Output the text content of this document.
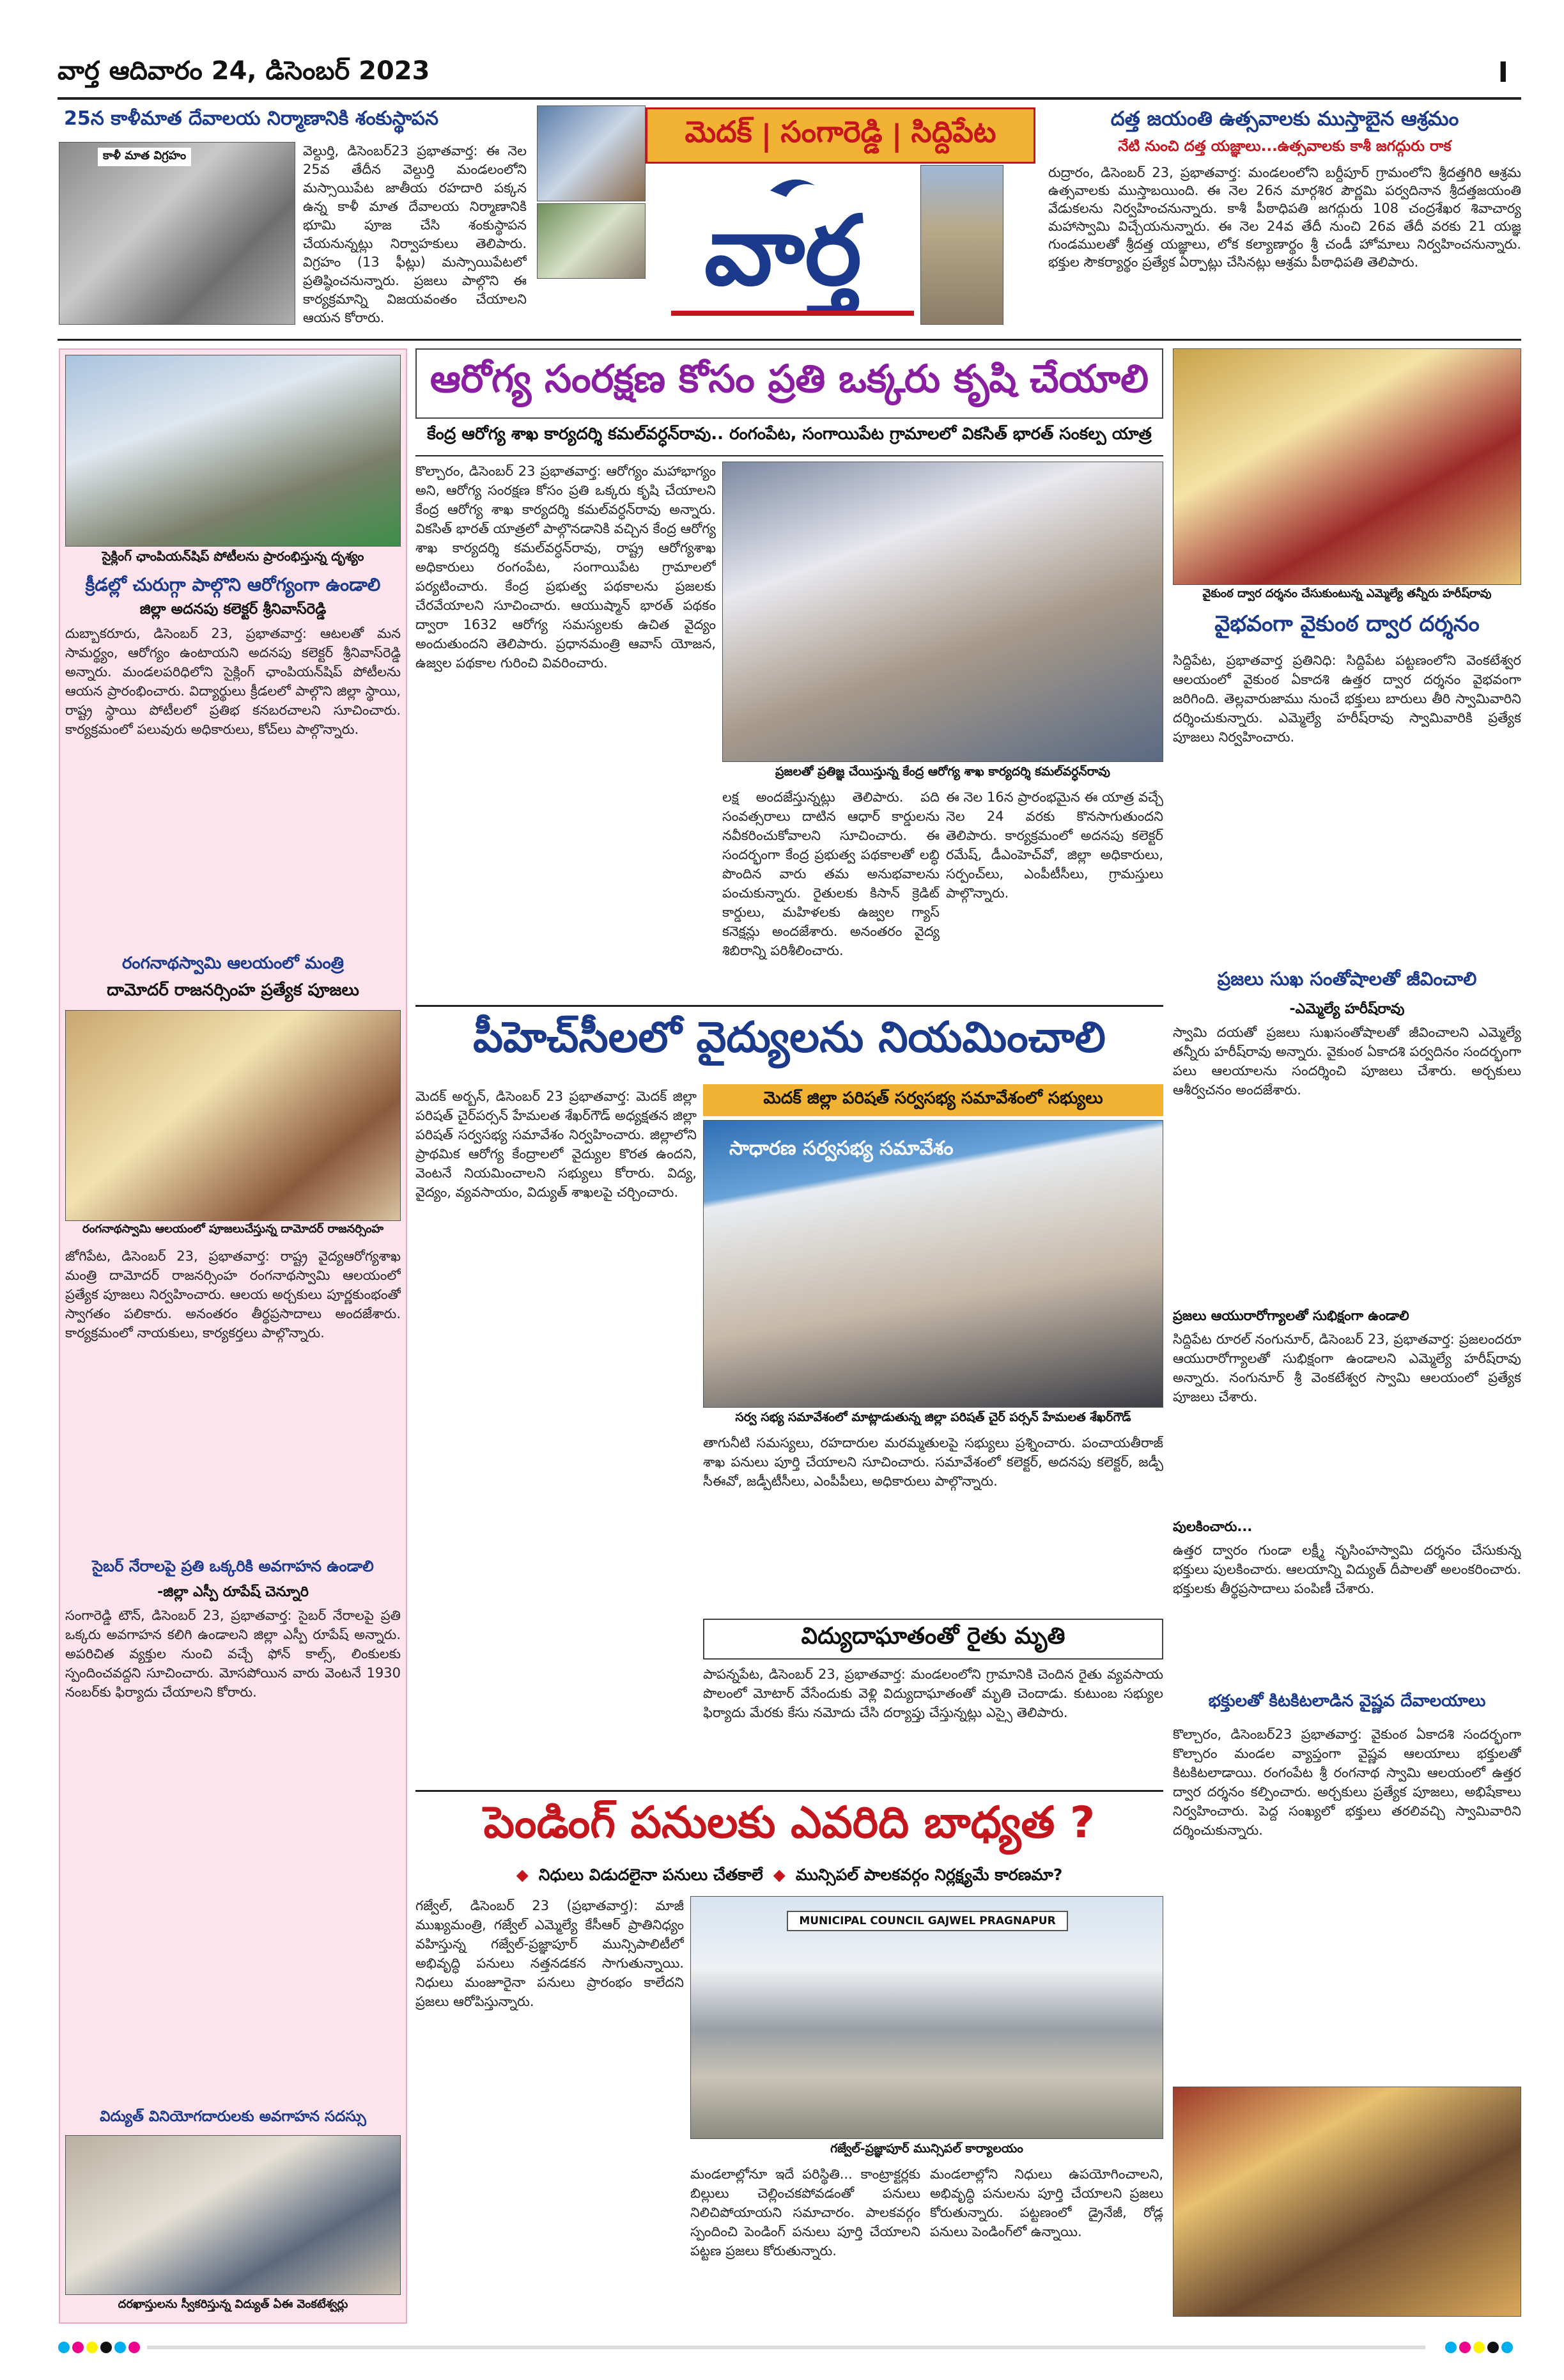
వార్త ఆదివారం 24, డిసెంబర్ 2023	I
25న కాళీమాత దేవాలయ నిర్మాణానికి శంకుస్థాపన
కాళీ మాత విగ్రహం	వెల్దుర్తి, డిసెంబర్23 ప్రభాతవార్త: ఈ నెల 25వ తేదీన వెల్దుర్తి మండలంలోని మస్సాయిపేట జాతీయ రహదారి పక్కన ఉన్న కాళీ మాత దేవాలయ నిర్మాణానికి భూమి పూజ చేసి శంకుస్థాపన చేయనున్నట్లు నిర్వాహకులు తెలిపారు. విగ్రహం (13 ఫీట్లు) మస్సాయిపేటలో ప్రతిష్ఠించనున్నారు. ప్రజలు పాల్గొని ఈ కార్యక్రమాన్ని విజయవంతం చేయాలని ఆయన కోరారు.
మెదక్ | సంగారెడ్డి | సిద్దిపేట
వార్త
దత్త జయంతి ఉత్సవాలకు ముస్తాబైన ఆశ్రమం
నేటి నుంచి దత్త యజ్ఞాలు...ఉత్సవాలకు కాశీ జగద్గురు రాక
రుద్రారం, డిసెంబర్ 23, ప్రభాతవార్త: మండలంలోని బర్దీపూర్ గ్రామంలోని శ్రీదత్తగిరి ఆశ్రమ ఉత్సవాలకు ముస్తాబయింది. ఈ నెల 26న మార్గశిర పౌర్ణమి పర్వదినాన శ్రీదత్తజయంతి వేడుకలను నిర్వహించనున్నారు. కాశీ పీఠాధిపతి జగద్గురు 108 చంద్రశేఖర శివాచార్య మహాస్వామి విచ్చేయనున్నారు. ఈ నెల 24వ తేదీ నుంచి 26వ తేదీ వరకు 21 యజ్ఞ గుండములతో శ్రీదత్త యజ్ఞాలు, లోక కల్యాణార్థం శ్రీ చండీ హోమాలు నిర్వహించనున్నారు. భక్తుల సౌకర్యార్థం ప్రత్యేక ఏర్పాట్లు చేసినట్లు ఆశ్రమ పీఠాధిపతి తెలిపారు.
సైక్లింగ్ ఛాంపియన్‌షిప్ పోటీలను ప్రారంభిస్తున్న దృశ్యం
క్రీడల్లో చురుగ్గా పాల్గొని ఆరోగ్యంగా ఉండాలి
జిల్లా అదనపు కలెక్టర్ శ్రీనివాస్‌రెడ్డి
దుబ్బాకరూరు, డిసెంబర్ 23, ప్రభాతవార్త: ఆటలతో మన సామర్థ్యం, ఆరోగ్యం ఉంటాయని అదనపు కలెక్టర్ శ్రీనివాస్‌రెడ్డి అన్నారు. మండలపరిధిలోని సైక్లింగ్ ఛాంపియన్‌షిప్ పోటీలను ఆయన ప్రారంభించారు. విద్యార్థులు క్రీడలలో పాల్గొని జిల్లా స్థాయి, రాష్ట్ర స్థాయి పోటీలలో ప్రతిభ కనబరచాలని సూచించారు. కార్యక్రమంలో పలువురు అధికారులు, కోచ్‌లు పాల్గొన్నారు.
రంగనాథస్వామి ఆలయంలో మంత్రి
దామోదర్ రాజనర్సింహ ప్రత్యేక పూజలు
రంగనాథస్వామి ఆలయంలో పూజలుచేస్తున్న దామోదర్ రాజనర్సింహ
జోగిపేట, డిసెంబర్ 23, ప్రభాతవార్త: రాష్ట్ర వైద్యఆరోగ్యశాఖ మంత్రి దామోదర్ రాజనర్సింహ రంగనాథస్వామి ఆలయంలో ప్రత్యేక పూజలు నిర్వహించారు. ఆలయ అర్చకులు పూర్ణకుంభంతో స్వాగతం పలికారు. అనంతరం తీర్థప్రసాదాలు అందజేశారు. కార్యక్రమంలో నాయకులు, కార్యకర్తలు పాల్గొన్నారు.
సైబర్ నేరాలపై ప్రతి ఒక్కరికి అవగాహన ఉండాలి
-జిల్లా ఎస్పీ రూపేష్ చెన్నూరి
సంగారెడ్డి టౌన్, డిసెంబర్ 23, ప్రభాతవార్త: సైబర్ నేరాలపై ప్రతి ఒక్కరు అవగాహన కలిగి ఉండాలని జిల్లా ఎస్పీ రూపేష్ అన్నారు. అపరిచిత వ్యక్తుల నుంచి వచ్చే ఫోన్ కాల్స్, లింకులకు స్పందించవద్దని సూచించారు. మోసపోయిన వారు వెంటనే 1930 నంబర్‌కు ఫిర్యాదు చేయాలని కోరారు.
విద్యుత్ వినియోగదారులకు అవగాహన సదస్సు
దరఖాస్తులను స్వీకరిస్తున్న విద్యుత్ ఏఈ వెంకటేశ్వర్లు
ఆరోగ్య సంరక్షణ కోసం ప్రతి ఒక్కరు కృషి చేయాలి
కేంద్ర ఆరోగ్య శాఖ కార్యదర్శి కమల్‌వర్ధన్‌రావు.. రంగంపేట, సంగాయిపేట గ్రామాలలో వికసిత్ భారత్ సంకల్ప యాత్ర
కొల్చారం, డిసెంబర్ 23 ప్రభాతవార్త: ఆరోగ్యం మహాభాగ్యం అని, ఆరోగ్య సంరక్షణ కోసం ప్రతి ఒక్కరు కృషి చేయాలని కేంద్ర ఆరోగ్య శాఖ కార్యదర్శి కమల్‌వర్ధన్‌రావు అన్నారు. వికసిత్ భారత్ యాత్రలో పాల్గొనడానికి వచ్చిన కేంద్ర ఆరోగ్య శాఖ కార్యదర్శి కమల్‌వర్ధన్‌రావు, రాష్ట్ర ఆరోగ్యశాఖ అధికారులు రంగంపేట, సంగాయిపేట గ్రామాలలో పర్యటించారు. కేంద్ర ప్రభుత్వ పథకాలను ప్రజలకు చేరవేయాలని సూచించారు. ఆయుష్మాన్ భారత్ పథకం ద్వారా 1632 ఆరోగ్య సమస్యలకు ఉచిత వైద్యం అందుతుందని తెలిపారు. ప్రధానమంత్రి ఆవాస్ యోజన, ఉజ్వల పథకాల గురించి వివరించారు.
ప్రజలతో ప్రతిజ్ఞ చేయిస్తున్న కేంద్ర ఆరోగ్య శాఖ కార్యదర్శి కమల్‌వర్ధన్‌రావు
లక్ష అందజేస్తున్నట్లు తెలిపారు. పది సంవత్సరాలు దాటిన ఆధార్ కార్డులను నవీకరించుకోవాలని సూచించారు. ఈ సందర్భంగా కేంద్ర ప్రభుత్వ పథకాలతో లబ్ధి పొందిన వారు తమ అనుభవాలను పంచుకున్నారు. రైతులకు కిసాన్ క్రెడిట్ కార్డులు, మహిళలకు ఉజ్వల గ్యాస్ కనెక్షన్లు అందజేశారు. అనంతరం వైద్య శిబిరాన్ని పరిశీలించారు.
ఈ నెల 16న ప్రారంభమైన ఈ యాత్ర వచ్చే నెల 24 వరకు కొనసాగుతుందని తెలిపారు. కార్యక్రమంలో అదనపు కలెక్టర్ రమేష్, డీఎంహెచ్‌వో, జిల్లా అధికారులు, సర్పంచ్‌లు, ఎంపీటీసీలు, గ్రామస్తులు పాల్గొన్నారు.
పీహెచ్‌సీలలో వైద్యులను నియమించాలి
మెదక్ జిల్లా పరిషత్ సర్వసభ్య సమావేశంలో సభ్యులు
మెదక్ అర్బన్, డిసెంబర్ 23 ప్రభాతవార్త: మెదక్ జిల్లా పరిషత్ చైర్‌పర్సన్ హేమలత శేఖర్‌గౌడ్ అధ్యక్షతన జిల్లా పరిషత్ సర్వసభ్య సమావేశం నిర్వహించారు. జిల్లాలోని ప్రాథమిక ఆరోగ్య కేంద్రాలలో వైద్యుల కొరత ఉందని, వెంటనే నియమించాలని సభ్యులు కోరారు. విద్య, వైద్యం, వ్యవసాయం, విద్యుత్ శాఖలపై చర్చించారు.
సాధారణ సర్వసభ్య సమావేశం
సర్వ సభ్య సమావేశంలో మాట్లాడుతున్న జిల్లా పరిషత్ చైర్ పర్సన్ హేమలత శేఖర్‌గౌడ్
తాగునీటి సమస్యలు, రహదారుల మరమ్మతులపై సభ్యులు ప్రశ్నించారు. పంచాయతీరాజ్ శాఖ పనులు పూర్తి చేయాలని సూచించారు. సమావేశంలో కలెక్టర్, అదనపు కలెక్టర్, జడ్పీ సీఈవో, జడ్పీటీసీలు, ఎంపీపీలు, అధికారులు పాల్గొన్నారు.
విద్యుదాఘాతంతో రైతు మృతి
పాపన్నపేట, డిసెంబర్ 23, ప్రభాతవార్త: మండలంలోని గ్రామానికి చెందిన రైతు వ్యవసాయ పొలంలో మోటార్ వేసేందుకు వెళ్లి విద్యుదాఘాతంతో మృతి చెందాడు. కుటుంబ సభ్యుల ఫిర్యాదు మేరకు కేసు నమోదు చేసి దర్యాప్తు చేస్తున్నట్లు ఎస్సై తెలిపారు.
పెండింగ్ పనులకు ఎవరిది బాధ్యత ?
◆ నిధులు విడుదలైనా పనులు చేతకాలే ◆ మున్సిపల్ పాలకవర్గం నిర్లక్ష్యమే కారణమా?
గజ్వేల్, డిసెంబర్ 23 (ప్రభాతవార్త): మాజీ ముఖ్యమంత్రి, గజ్వేల్ ఎమ్మెల్యే కేసీఆర్ ప్రాతినిధ్యం వహిస్తున్న గజ్వేల్-ప్రజ్ఞాపూర్ మున్సిపాలిటీలో అభివృద్ధి పనులు నత్తనడకన సాగుతున్నాయి. నిధులు మంజూరైనా పనులు ప్రారంభం కాలేదని ప్రజలు ఆరోపిస్తున్నారు.
MUNICIPAL COUNCIL GAJWEL PRAGNAPUR
గజ్వేల్-ప్రజ్ఞాపూర్ మున్సిపల్ కార్యాలయం
మండలాల్లోనూ ఇదే పరిస్థితి... కాంట్రాక్టర్లకు బిల్లులు చెల్లించకపోవడంతో పనులు నిలిచిపోయాయని సమాచారం. పాలకవర్గం స్పందించి పెండింగ్ పనులు పూర్తి చేయాలని పట్టణ ప్రజలు కోరుతున్నారు.
మండలాల్లోని నిధులు ఉపయోగించాలని, అభివృద్ధి పనులను పూర్తి చేయాలని ప్రజలు కోరుతున్నారు. పట్టణంలో డ్రైనేజీ, రోడ్ల పనులు పెండింగ్‌లో ఉన్నాయి.
వైకుంఠ ద్వార దర్శనం చేసుకుంటున్న ఎమ్మెల్యే తన్నీరు హరీష్‌రావు
వైభవంగా వైకుంఠ ద్వార దర్శనం
సిద్దిపేట, ప్రభాతవార్త ప్రతినిధి: సిద్దిపేట పట్టణంలోని వెంకటేశ్వర ఆలయంలో వైకుంఠ ఏకాదశి ఉత్తర ద్వార దర్శనం వైభవంగా జరిగింది. తెల్లవారుజాము నుంచే భక్తులు బారులు తీరి స్వామివారిని దర్శించుకున్నారు. ఎమ్మెల్యే హరీష్‌రావు స్వామివారికి ప్రత్యేక పూజలు నిర్వహించారు.
ప్రజలు సుఖ సంతోషాలతో జీవించాలి
-ఎమ్మెల్యే హరీష్‌రావు
స్వామి దయతో ప్రజలు సుఖసంతోషాలతో జీవించాలని ఎమ్మెల్యే తన్నీరు హరీష్‌రావు అన్నారు. వైకుంఠ ఏకాదశి పర్వదినం సందర్భంగా పలు ఆలయాలను సందర్శించి పూజలు చేశారు. అర్చకులు ఆశీర్వచనం అందజేశారు.
ప్రజలు ఆయురారోగ్యాలతో సుభిక్షంగా ఉండాలి
సిద్దిపేట రూరల్ నంగునూర్, డిసెంబర్ 23, ప్రభాతవార్త: ప్రజలందరూ ఆయురారోగ్యాలతో సుభిక్షంగా ఉండాలని ఎమ్మెల్యే హరీష్‌రావు అన్నారు. నంగునూర్ శ్రీ వెంకటేశ్వర స్వామి ఆలయంలో ప్రత్యేక పూజలు చేశారు.
పులకించారు...
ఉత్తర ద్వారం గుండా లక్ష్మీ నృసింహస్వామి దర్శనం చేసుకున్న భక్తులు పులకించారు. ఆలయాన్ని విద్యుత్ దీపాలతో అలంకరించారు. భక్తులకు తీర్థప్రసాదాలు పంపిణీ చేశారు.
భక్తులతో కిటకిటలాడిన వైష్ణవ దేవాలయాలు
కొల్చారం, డిసెంబర్23 ప్రభాతవార్త: వైకుంఠ ఏకాదశి సందర్భంగా కొల్చారం మండల వ్యాప్తంగా వైష్ణవ ఆలయాలు భక్తులతో కిటకిటలాడాయి. రంగంపేట శ్రీ రంగనాథ స్వామి ఆలయంలో ఉత్తర ద్వార దర్శనం కల్పించారు. అర్చకులు ప్రత్యేక పూజలు, అభిషేకాలు నిర్వహించారు. పెద్ద సంఖ్యలో భక్తులు తరలివచ్చి స్వామివారిని దర్శించుకున్నారు.
